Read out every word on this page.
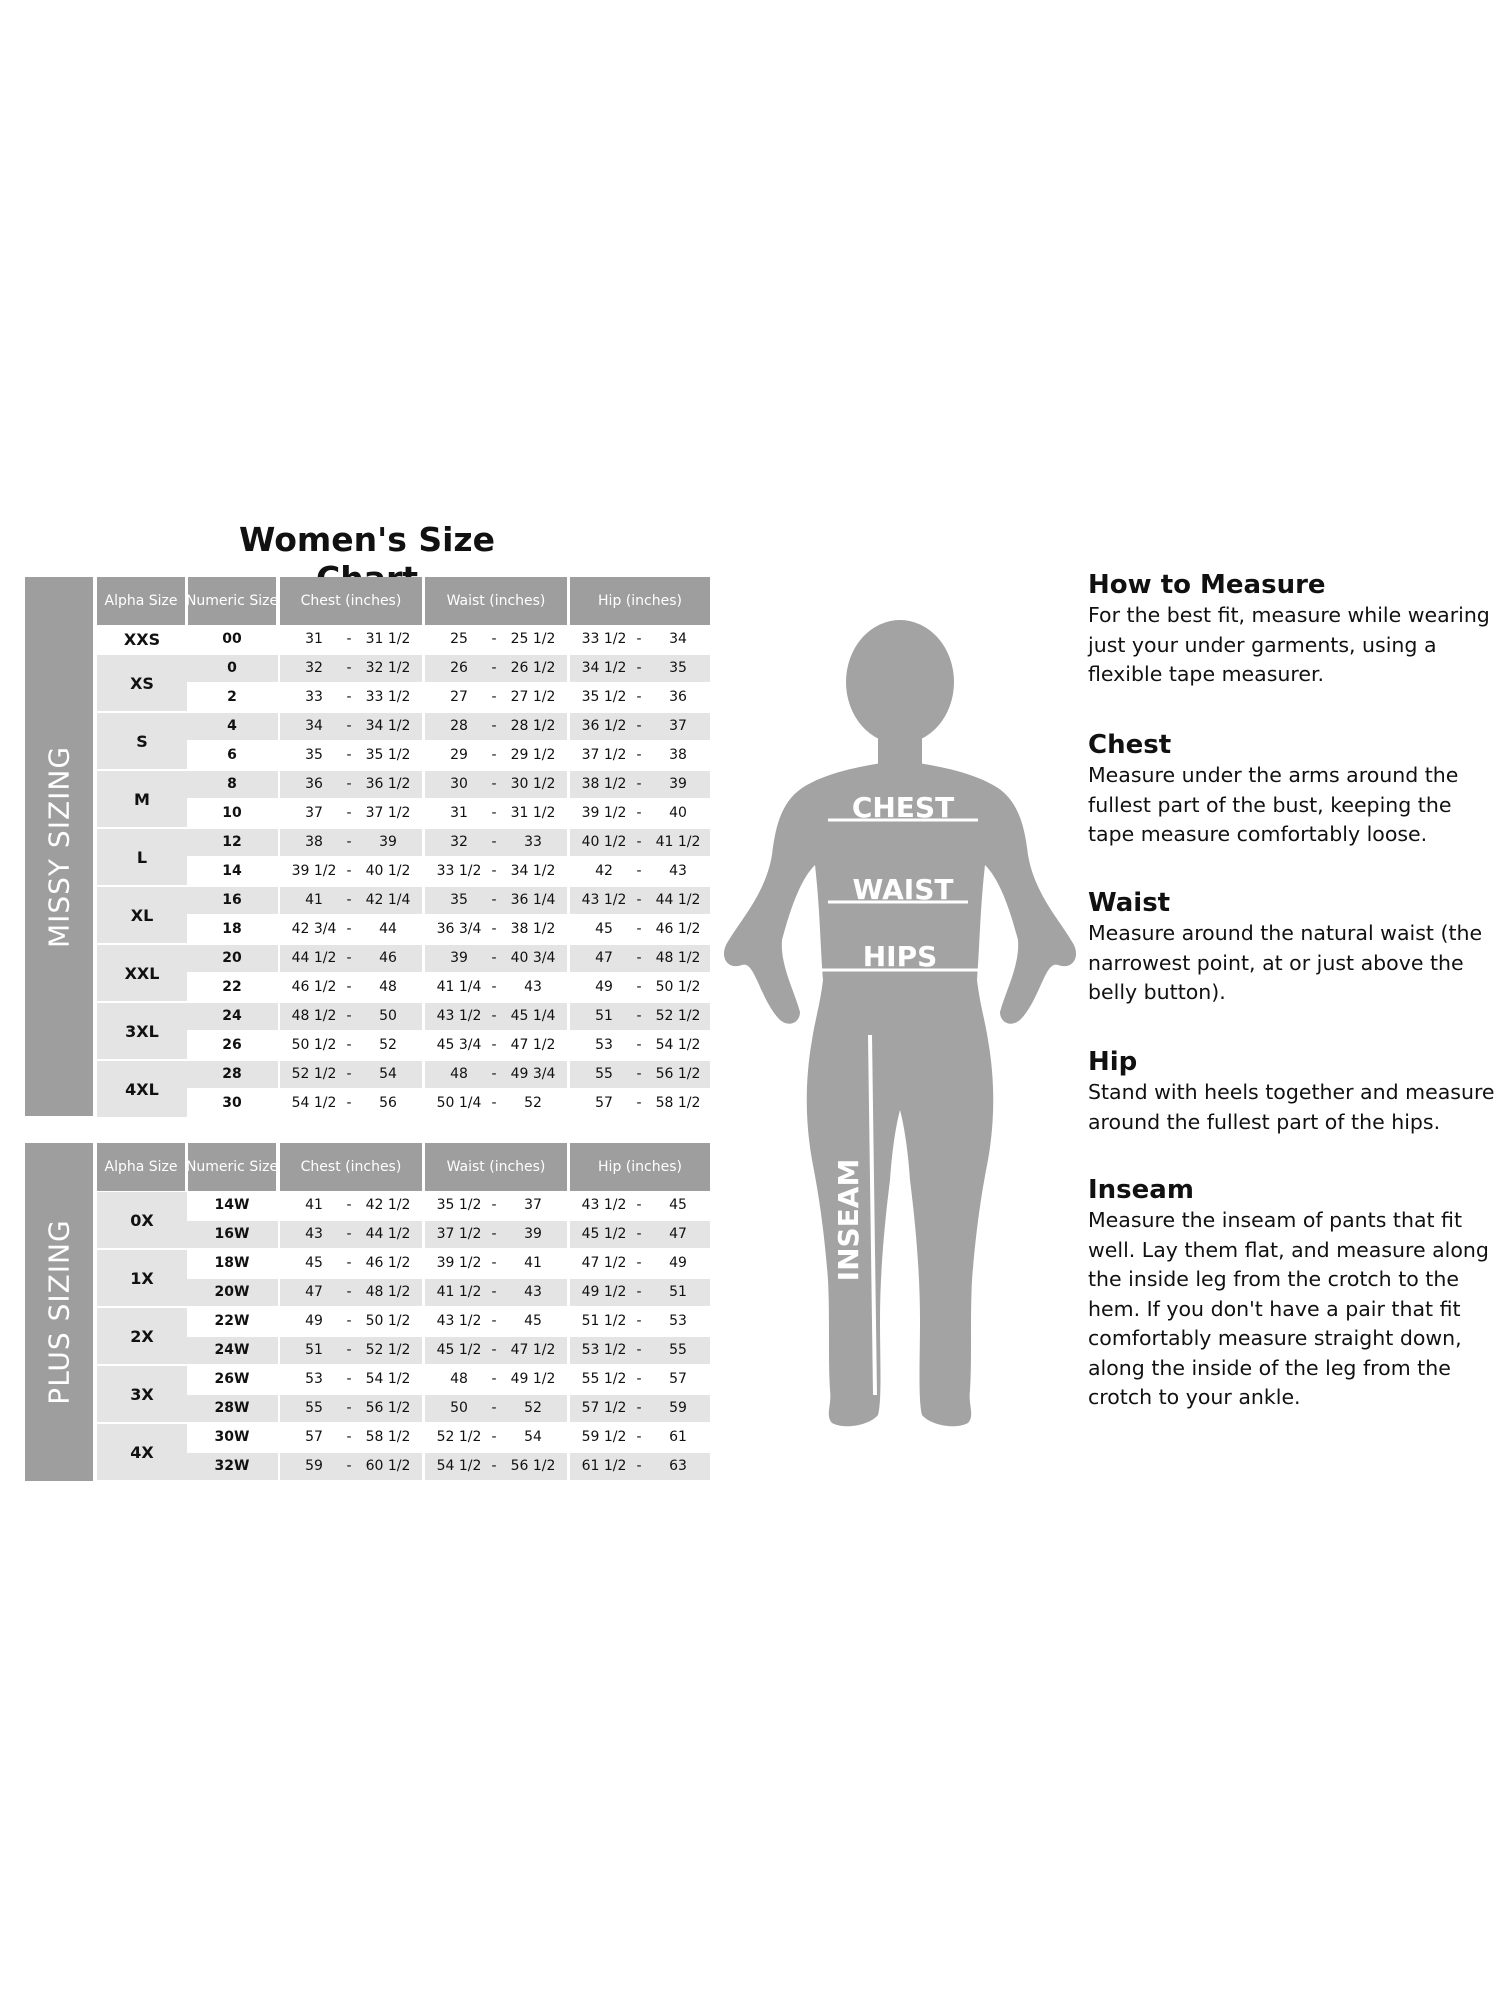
Women's Size
MISSY SIZING
Alpha Size Numeric Size	Chest (inches)	Waist (inches)	Hip (inches)
XXS	00	31	-	31 1/2	25	-	25 1/2	33 1/2 -	34
XS
0	32	-	32 1/2	26	-	26 1/2	34 1/2 -	35
2	33	-	33 1/2	27	-	27 1/2	35 1/2 -	36
S
4	34	-	34 1/2	28	-	28 1/2	36 1/2 -	37
6	35	-	35 1/2	29	-	29 1/2	37 1/2 -	38
M
8	36	-	36 1/2	30	-	30 1/2	38 1/2 -	39
10	37	-	37 1/2	31	-	31 1/2	39 1/2 -	40
L
12	38	-	39	32	-	33	40 1/2 -	41 1/2
14	39 1/2 -	40 1/2	33 1/2 -	34 1/2	42	-	43
XL
16	41	-	42 1/4	35	-	36 1/4	43 1/2 -	44 1/2
18	42 3/4 -	44	36 3/4 -	38 1/2	45	-	46 1/2
XXL
20	44 1/2 -	46	39	-	40 3/4	47	-	48 1/2
22	46 1/2 -	48	41 1/4 -	43	49	-	50 1/2
3XL
24	48 1/2 -	50	43 1/2 -	45 1/4	51	-	52 1/2
26	50 1/2 -	52	45 3/4 -	47 1/2	53	-	54 1/2
4XL
28	52 1/2 -	54	48	-	49 3/4	55	-	56 1/2
30	54 1/2 -	56	50 1/4 -	52	57	-	58 1/2
PLUS SIZING
Alpha Size Numeric Size	Chest (inches)	Waist (inches)	Hip (inches)
0X
14W	41	-	42 1/2	35 1/2 -	37	43 1/2 -	45
16W	43	-	44 1/2	37 1/2 -	39	45 1/2 -	47
1X
18W	45	-	46 1/2	39 1/2 -	41	47 1/2 -	49
20W	47	-	48 1/2	41 1/2 -	43	49 1/2 -	51
2X
22W	49	-	50 1/2	43 1/2 -	45	51 1/2 -	53
24W	51	-	52 1/2	45 1/2 -	47 1/2	53 1/2 -	55
3X
26W	53	-	54 1/2	48	-	49 1/2	55 1/2 -	57
28W	55	-	56 1/2	50	-	52	57 1/2 -	59
4X
30W	57	-	58 1/2	52 1/2 -	54	59 1/2 -	61
32W	59	-	60 1/2	54 1/2 -	56 1/2	61 1/2 -	63
CHEST
WAIST
HIPS
INSEAM
How to Measure
For the best fit, measure while wearing just your under garments, using a flexible tape measurer.
Chest
Measure under the arms around the fullest part of the bust, keeping the tape measure comfortably loose.
Waist
Measure around the natural waist (the narrowest point, at or just above the belly button).
Hip
Stand with heels together and measure around the fullest part of the hips.
Inseam
Measure the inseam of pants that fit well. Lay them flat, and measure along the inside leg from the crotch to the hem. If you don't have a pair that fit comfortably measure straight down, along the inside of the leg from the crotch to your ankle.
